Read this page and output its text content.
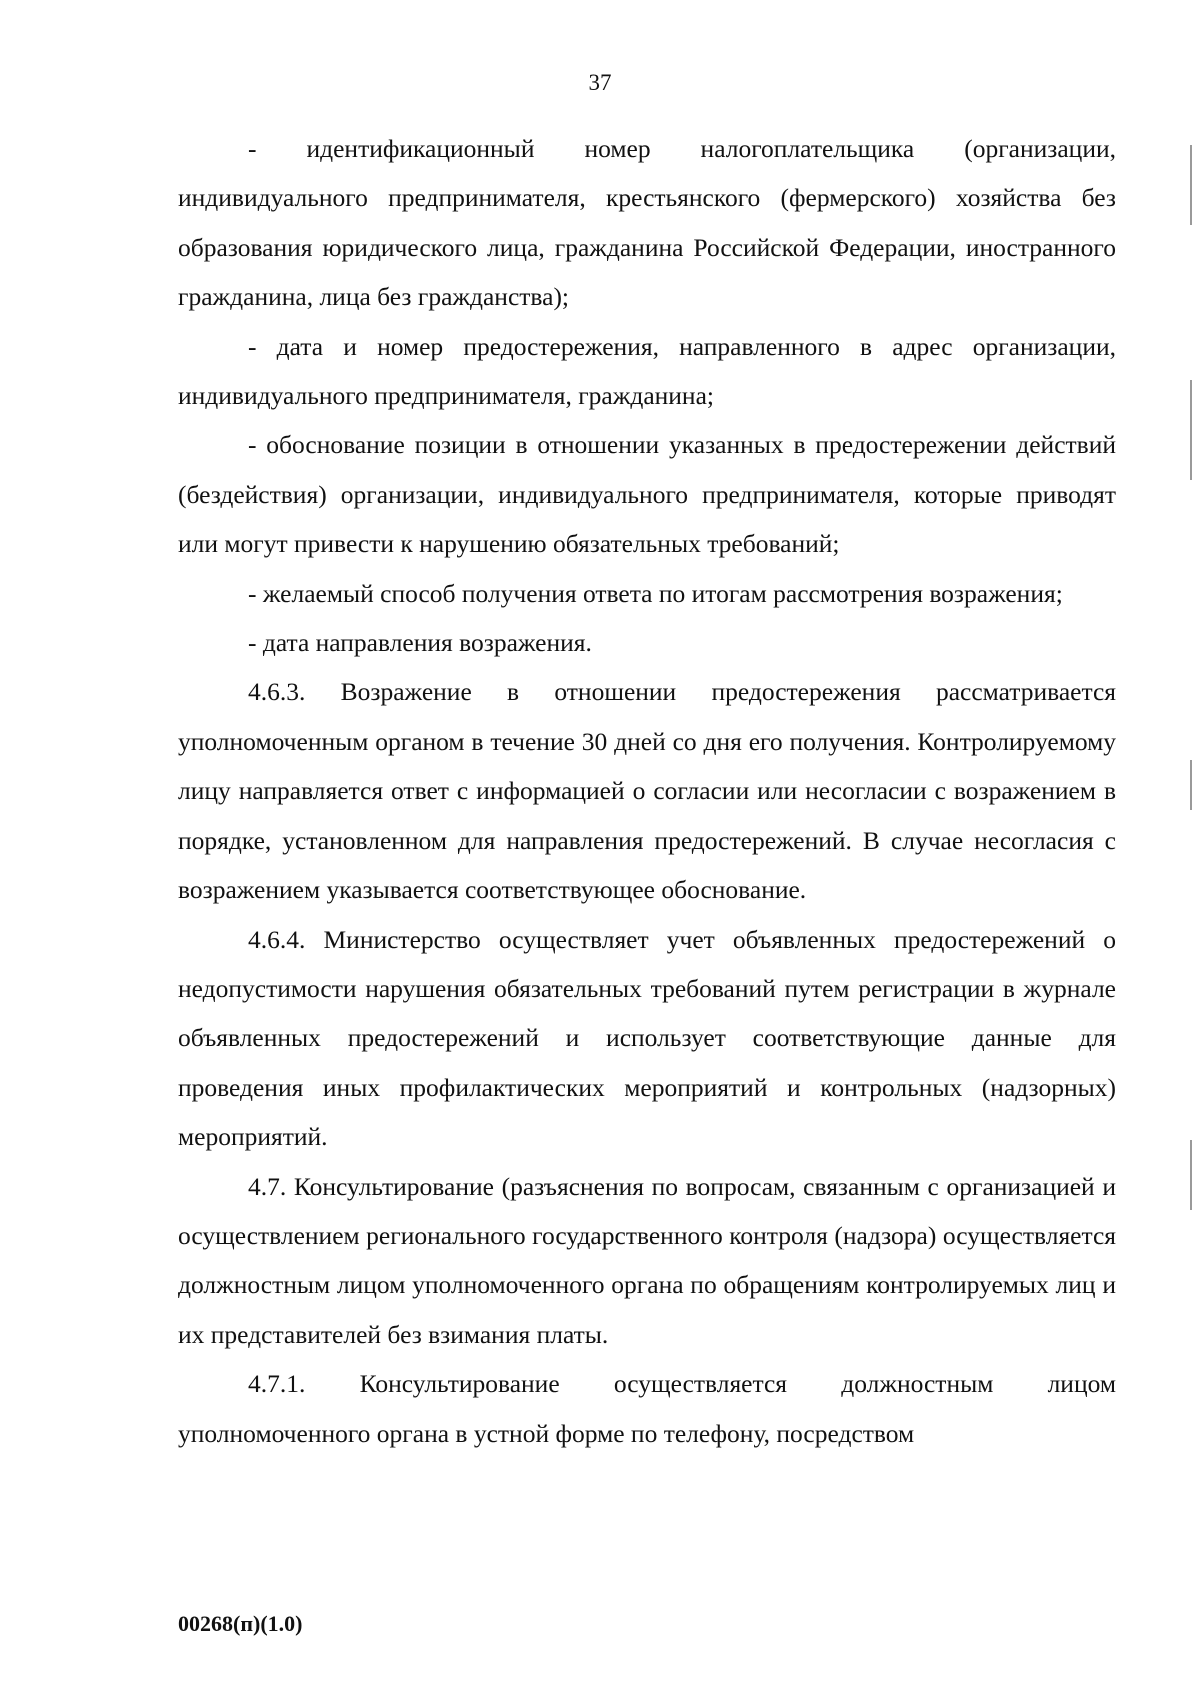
37

- идентификационный номер налогоплательщика (организации, индивидуального предпринимателя, крестьянского (фермерского) хозяйства без образования юридического лица, гражданина Российской Федерации, иностранного гражданина, лица без гражданства);

- дата и номер предостережения, направленного в адрес организации, индивидуального предпринимателя, гражданина;

- обоснование позиции в отношении указанных в предостережении действий (бездействия) организации, индивидуального предпринимателя, которые приводят или могут привести к нарушению обязательных требований;

- желаемый способ получения ответа по итогам рассмотрения возражения;

- дата направления возражения.

4.6.3. Возражение в отношении предостережения рассматривается уполномоченным органом в течение 30 дней со дня его получения. Контролируемому лицу направляется ответ с информацией о согласии или несогласии с возражением в порядке, установленном для направления предостережений. В случае несогласия с возражением указывается соответствующее обоснование.

4.6.4. Министерство осуществляет учет объявленных предостережений о недопустимости нарушения обязательных требований путем регистрации в журнале объявленных предостережений и использует соответствующие данные для проведения иных профилактических мероприятий и контрольных (надзорных) мероприятий.

4.7. Консультирование (разъяснения по вопросам, связанным с организацией и осуществлением регионального государственного контроля (надзора) осуществляется должностным лицом уполномоченного органа по обращениям контролируемых лиц и их представителей без взимания платы.

4.7.1. Консультирование осуществляется должностным лицом уполномоченного органа в устной форме по телефону, посредством

00268(п)(1.0)
